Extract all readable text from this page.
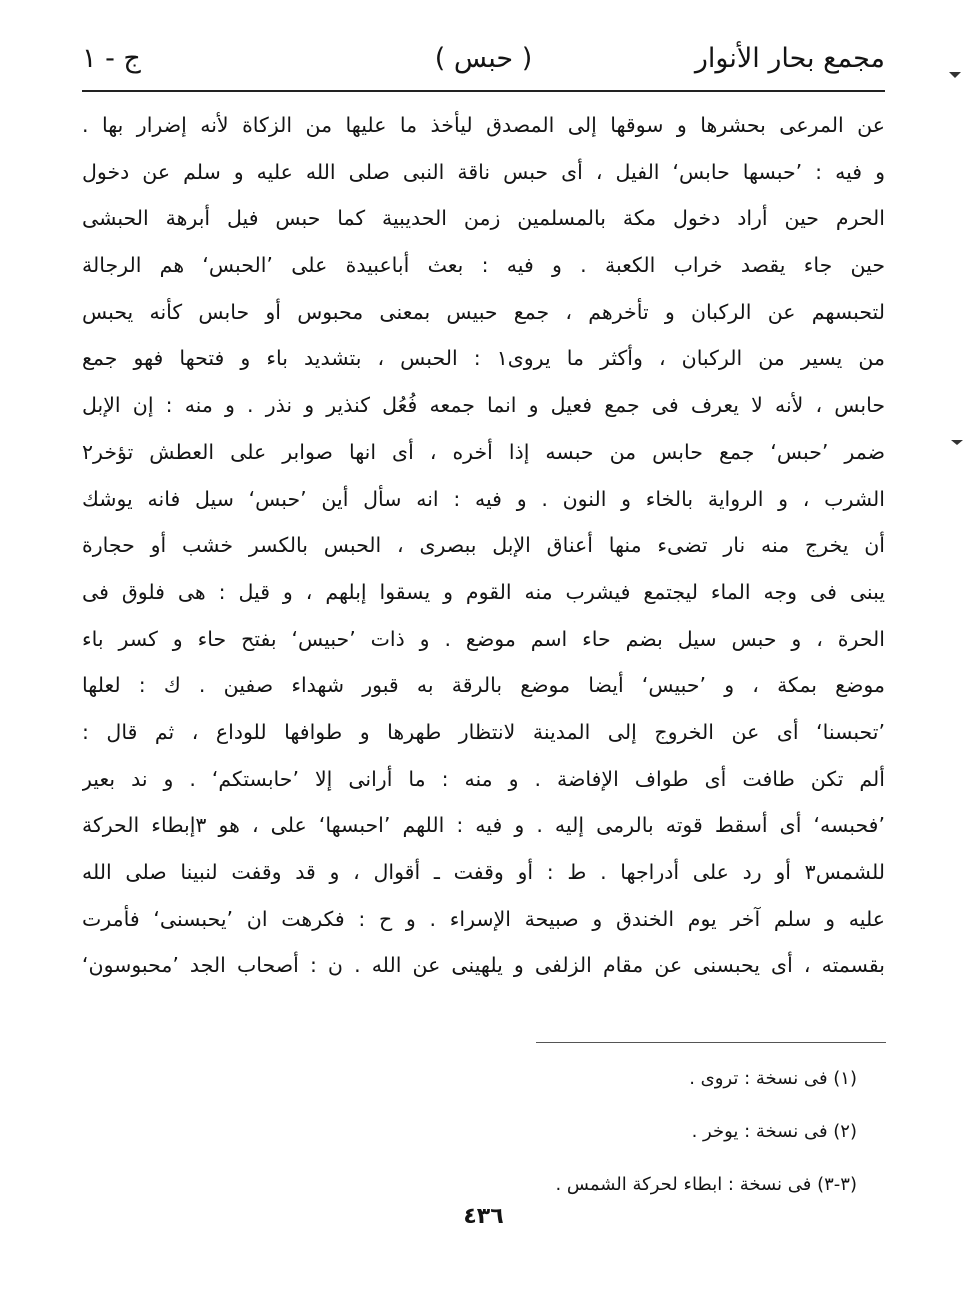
مجمع بحار الأنوار
( حبس )
ج - ١
عن المرعى بحشرها و سوقها إلى المصدق ليأخذ ما عليها من الزكاة لأنه إضرار بها .
و فيه : ’حبسها حابس‘ الفيل ، أى حبس ناقة النبى صلى الله عليه و سلم عن دخول
الحرم حين أراد دخول مكة بالمسلمين زمن الحديبية كما حبس فيل أبرهة الحبشى
حين جاء يقصد خراب الكعبة . و فيه : بعث أباعبيدة على ’الحبس‘ هم الرجالة
لتحبسهم عن الركبان و تأخرهم ، جمع حبيس بمعنى محبوس أو حابس كأنه يحبس
من يسير من الركبان ، وأكثر ما يروى١ : الحبس ، بتشديد باء و فتحها فهو جمع
حابس ، لأنه لا يعرف فى جمع فعيل و انما جمعه فُعُل كنذير و نذر . و منه : إن الإبل
ضمر ’حبس‘ جمع حابس من حبسه إذا أخره ، أى انها صوابر على العطش تؤخر٢
الشرب ، و الرواية بالخاء و النون . و فيه : انه سأل أين ’حبس‘ سيل فانه يوشك
أن يخرج منه نار تضىء منها أعناق الإبل ببصرى ، الحبس بالكسر خشب أو حجارة
يبنى فى وجه الماء ليجتمع فيشرب منه القوم و يسقوا إبلهم ، و قيل : هى فلوق فى
الحرة ، و حبس سيل بضم حاء اسم موضع . و ذات ’حبيس‘ بفتح حاء و كسر باء
موضع بمكة ، و ’حبيس‘ أيضا موضع بالرقة به قبور شهداء صفين . ك : لعلها
’تحبسنا‘ أى عن الخروج إلى المدينة لانتظار طهرها و طوافها للوداع ، ثم قال :
ألم تكن طافت أى طواف الإفاضة . و منه : ما أرانى إلا ’حابستكم‘ . و ند بعير
’فحبسه‘ أى أسقط قوته بالرمى إليه . و فيه : اللهم ’احبسها‘ على ، هو ٣إبطاء الحركة
للشمس٣ أو رد على أدراجها . ط : أو وقفت ـ أقوال ، و قد وقفت لنبينا صلى الله
عليه و سلم آخر يوم الخندق و صبيحة الإسراء . و ح : فكرهت ان ’يحبسنى‘ فأمرت
بقسمته ، أى يحبسنى عن مقام الزلفى و يلهينى عن الله . ن : أصحاب الجد ’محبوسون‘
(١) فى نسخة : تروى .
(٢) فى نسخة : يوخر .
(٣-٣) فى نسخة : ابطاء لحركة الشمس .
٤٣٦
